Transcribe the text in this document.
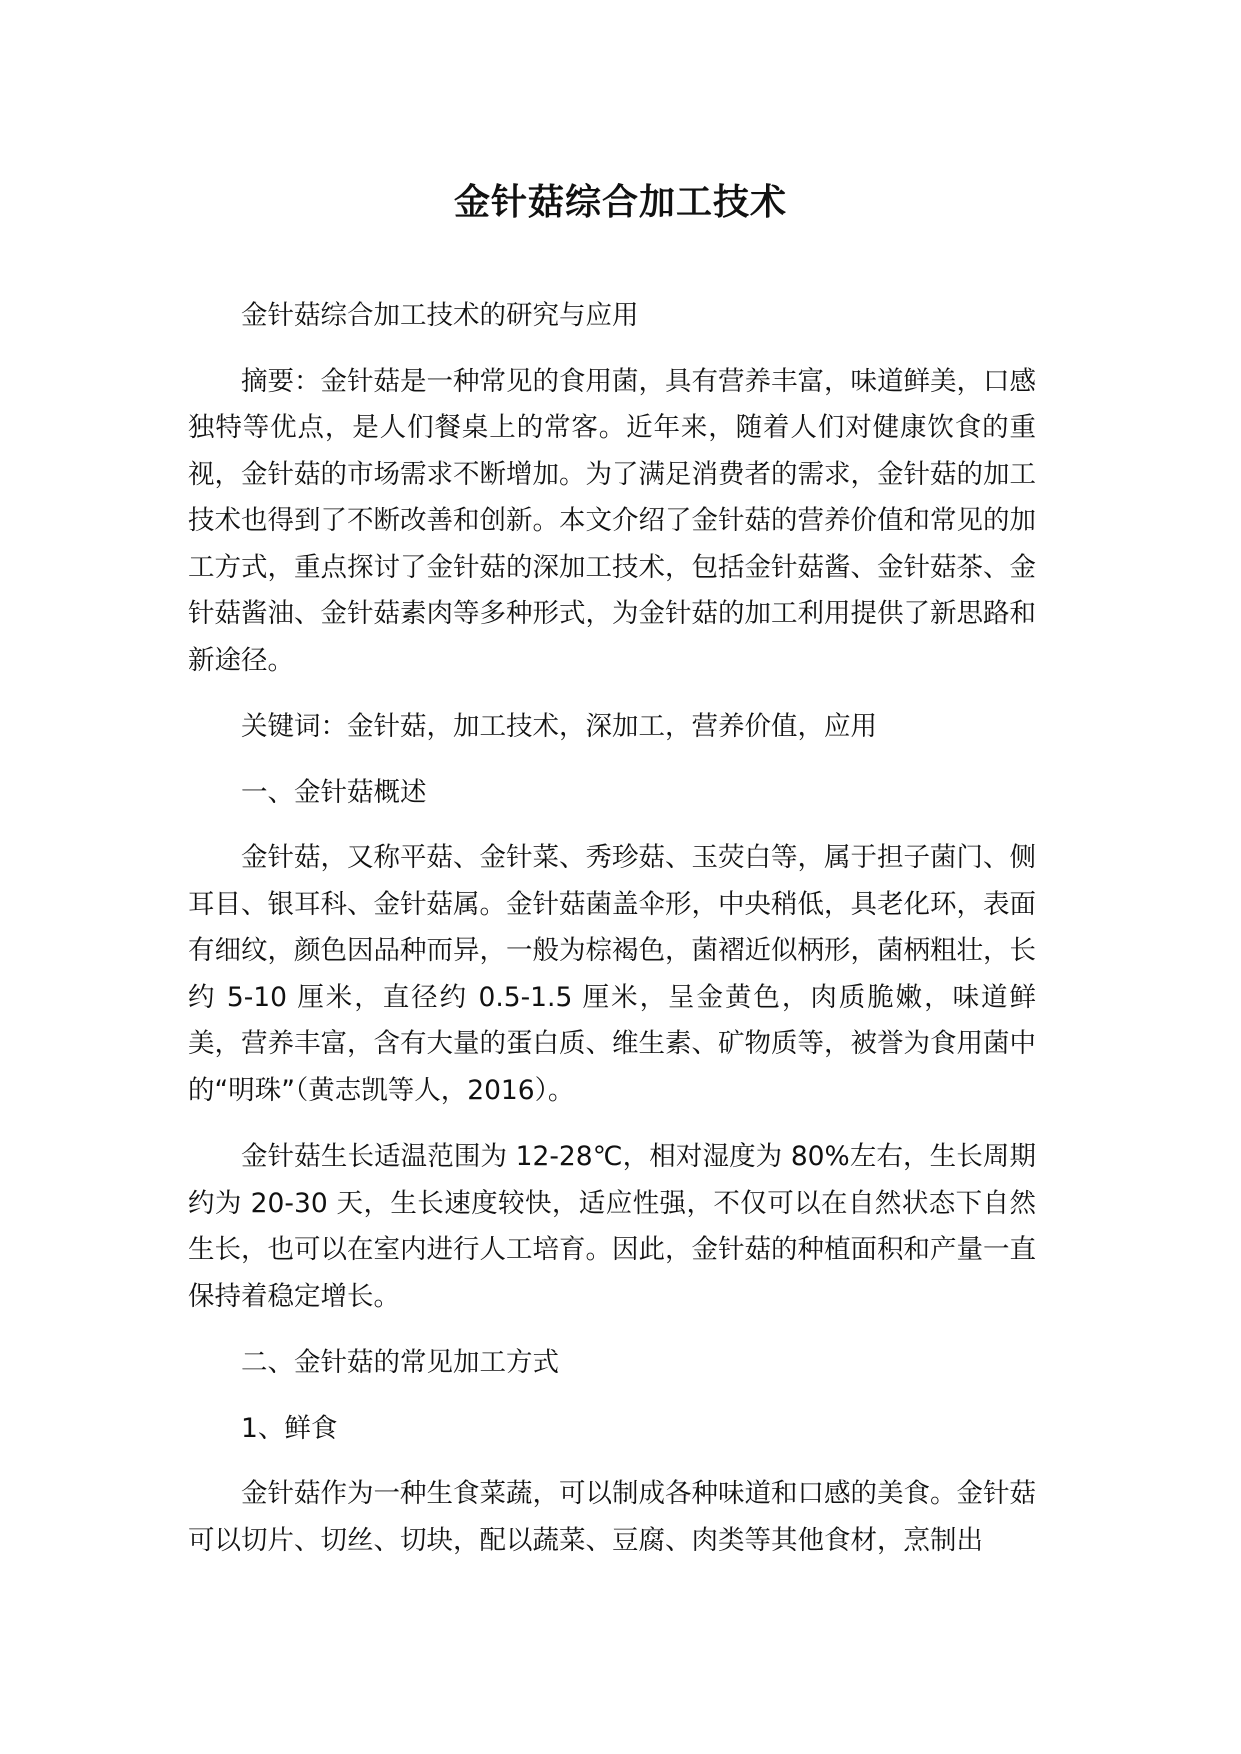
金针菇综合加工技术

金针菇综合加工技术的研究与应用

摘要：金针菇是一种常见的食用菌，具有营养丰富，味道鲜美，口感独特等优点，是人们餐桌上的常客。近年来，随着人们对健康饮食的重视，金针菇的市场需求不断增加。为了满足消费者的需求，金针菇的加工技术也得到了不断改善和创新。本文介绍了金针菇的营养价值和常见的加工方式，重点探讨了金针菇的深加工技术，包括金针菇酱、金针菇茶、金针菇酱油、金针菇素肉等多种形式，为金针菇的加工利用提供了新思路和新途径。

关键词：金针菇，加工技术，深加工，营养价值，应用

一、金针菇概述

金针菇，又称平菇、金针菜、秀珍菇、玉荧白等，属于担子菌门、侧耳目、银耳科、金针菇属。金针菇菌盖伞形，中央稍低，具老化环，表面有细纹，颜色因品种而异，一般为棕褐色，菌褶近似柄形，菌柄粗壮，长约 5-10 厘米，直径约 0.5-1.5 厘米，呈金黄色，肉质脆嫩，味道鲜美，营养丰富，含有大量的蛋白质、维生素、矿物质等，被誉为食用菌中的“明珠”（黄志凯等人，2016）。

金针菇生长适温范围为 12-28℃，相对湿度为 80%左右，生长周期约为 20-30 天，生长速度较快，适应性强，不仅可以在自然状态下自然生长，也可以在室内进行人工培育。因此，金针菇的种植面积和产量一直保持着稳定增长。

二、金针菇的常见加工方式

1、鲜食

金针菇作为一种生食菜蔬，可以制成各种味道和口感的美食。金针菇可以切片、切丝、切块，配以蔬菜、豆腐、肉类等其他食材，烹制出
